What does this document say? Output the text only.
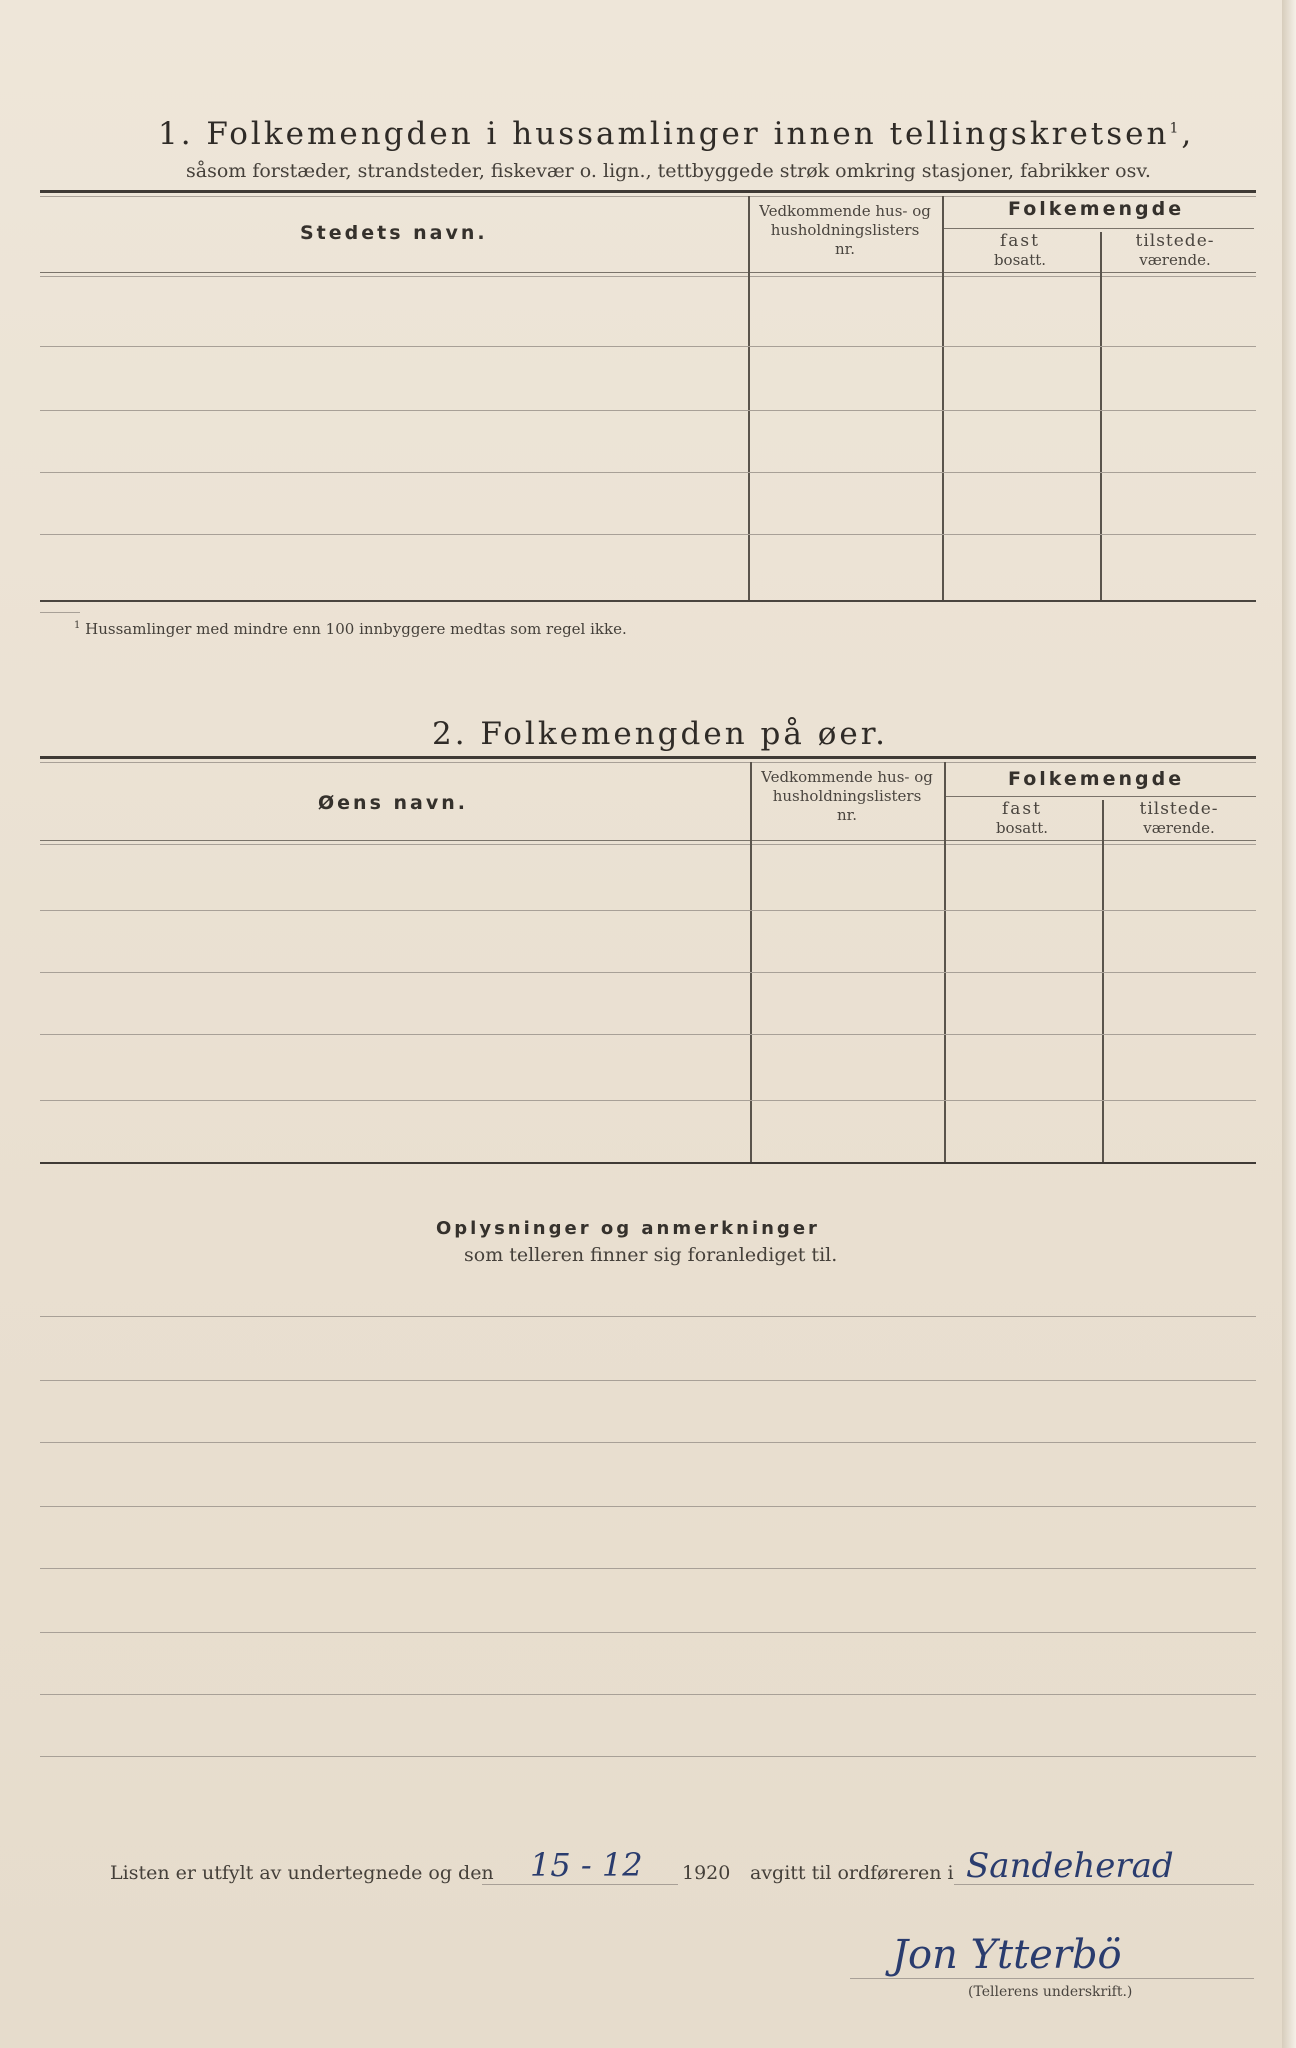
1. Folkemengden i hussamlinger innen tellingskretsen$^1$,
såsom forstæder, strandsteder, fiskevær o. lign., tettbyggede strøk omkring stasjoner, fabrikker osv.
Stedets navn.
Vedkommende hus- og
husholdningslisters
nr.
Folkemengde
fast
bosatt.
tilstede-
værende.
$^1$ Hussamlinger med mindre enn 100 innbyggere medtas som regel ikke.
2. Folkemengden på øer.
Øens navn.
Vedkommende hus- og
husholdningslisters
nr.
Folkemengde
fast
bosatt.
tilstede-
værende.
Oplysninger og anmerkninger
som telleren finner sig foranlediget til.
Listen er utfylt av undertegnede og den 15 - 12 1920 avgitt til ordføreren i Sandeherad
Jon Ytterbö
(Tellerens underskrift.)
